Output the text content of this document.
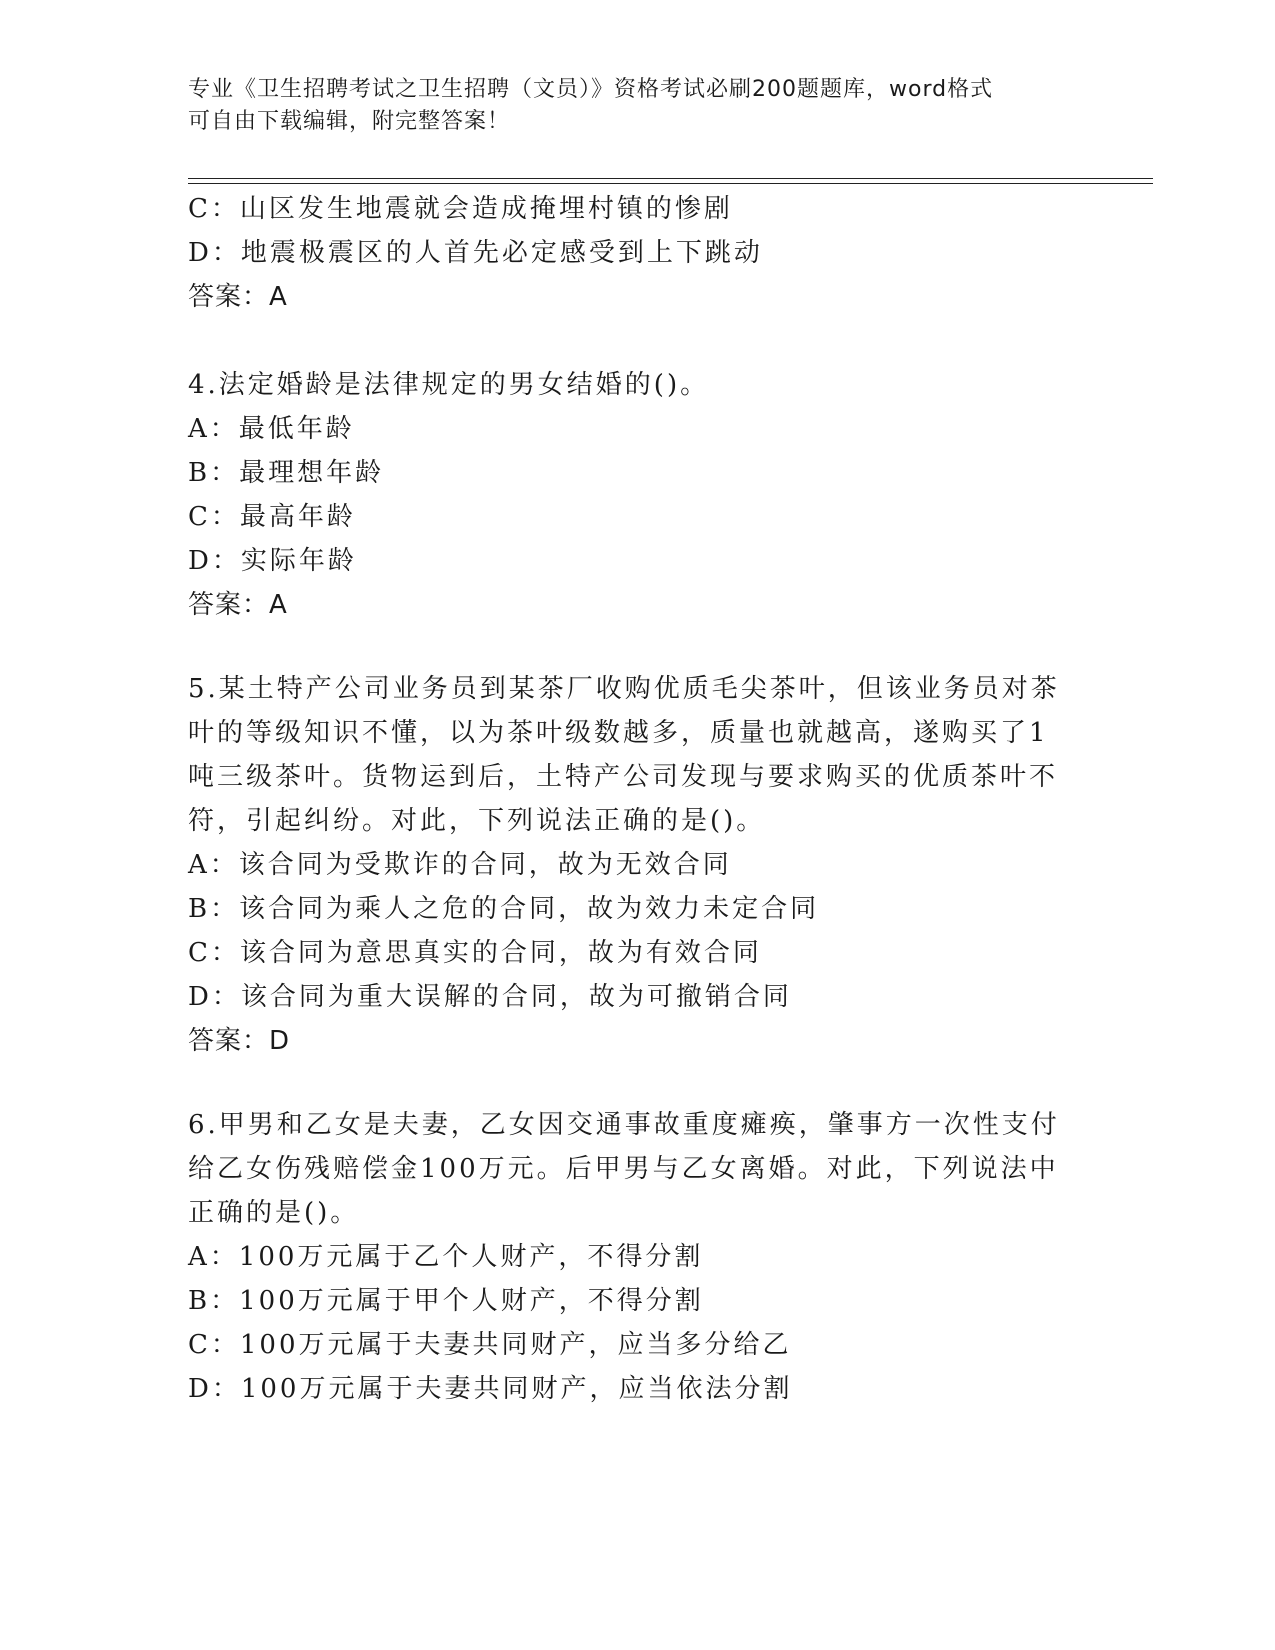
专业《卫生招聘考试之卫生招聘（文员）》资格考试必刷200题题库，word格式
可自由下载编辑，附完整答案！
C：山区发生地震就会造成掩埋村镇的惨剧
D：地震极震区的人首先必定感受到上下跳动
答案：A
4.法定婚龄是法律规定的男女结婚的()。
A：最低年龄
B：最理想年龄
C：最高年龄
D：实际年龄
答案：A
5.某土特产公司业务员到某茶厂收购优质毛尖茶叶，但该业务员对茶
叶的等级知识不懂，以为茶叶级数越多，质量也就越高，遂购买了1
吨三级茶叶。货物运到后，土特产公司发现与要求购买的优质茶叶不
符，引起纠纷。对此，下列说法正确的是()。
A：该合同为受欺诈的合同，故为无效合同
B：该合同为乘人之危的合同，故为效力未定合同
C：该合同为意思真实的合同，故为有效合同
D：该合同为重大误解的合同，故为可撤销合同
答案：D
6.甲男和乙女是夫妻，乙女因交通事故重度瘫痪，肇事方一次性支付
给乙女伤残赔偿金100万元。后甲男与乙女离婚。对此，下列说法中
正确的是()。
A：100万元属于乙个人财产，不得分割
B：100万元属于甲个人财产，不得分割
C：100万元属于夫妻共同财产，应当多分给乙
D：100万元属于夫妻共同财产，应当依法分割
